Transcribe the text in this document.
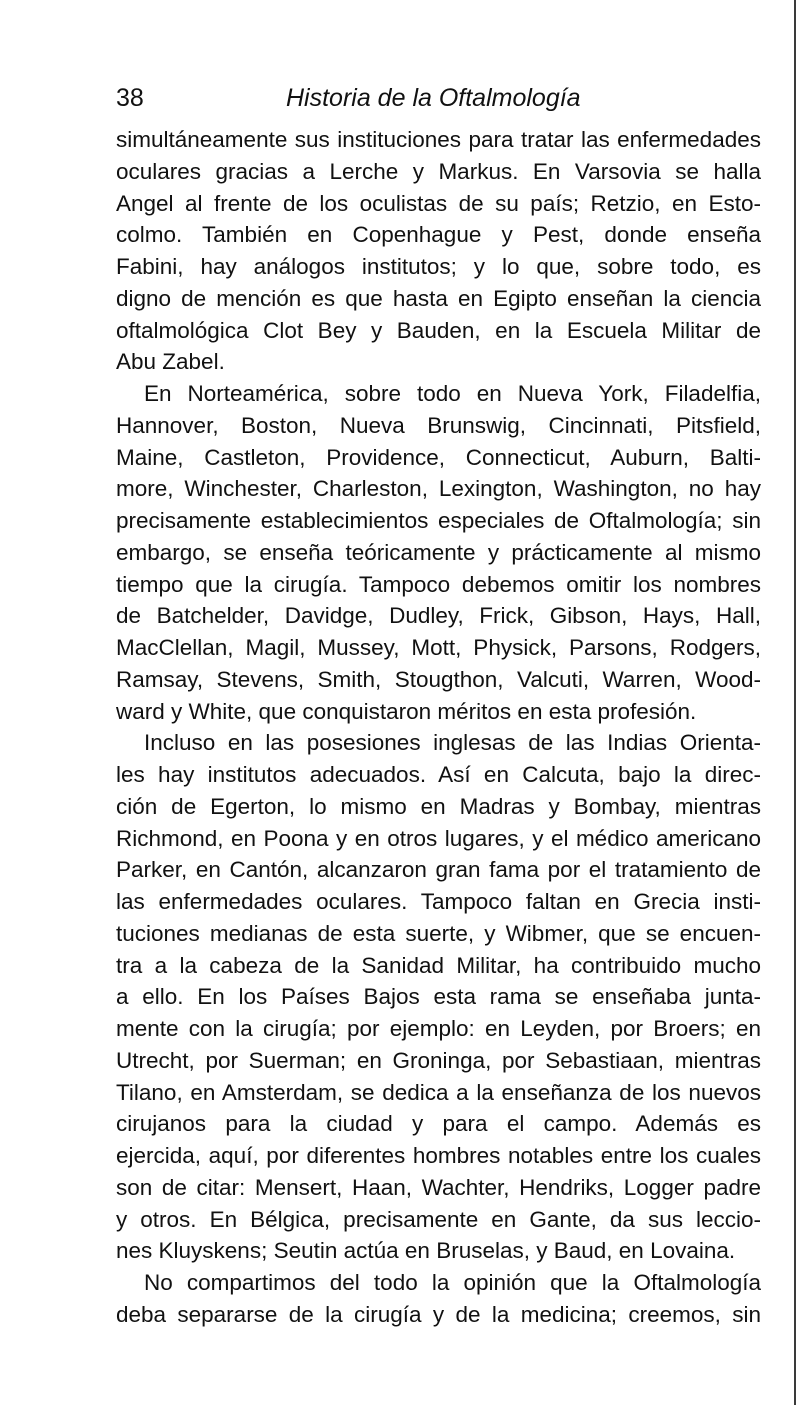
38	Historia de la Oftalmología
simultáneamente sus instituciones para tratar las enfermedades
oculares gracias a Lerche y Markus. En Varsovia se halla
Angel al frente de los oculistas de su país; Retzio, en Esto-
colmo. También en Copenhague y Pest, donde enseña
Fabini, hay análogos institutos; y lo que, sobre todo, es
digno de mención es que hasta en Egipto enseñan la ciencia
oftalmológica Clot Bey y Bauden, en la Escuela Militar de
Abu Zabel.
En Norteamérica, sobre todo en Nueva York, Filadelfia,
Hannover, Boston, Nueva Brunswig, Cincinnati, Pitsfield,
Maine, Castleton, Providence, Connecticut, Auburn, Balti-
more, Winchester, Charleston, Lexington, Washington, no hay
precisamente establecimientos especiales de Oftalmología; sin
embargo, se enseña teóricamente y prácticamente al mismo
tiempo que la cirugía. Tampoco debemos omitir los nombres
de Batchelder, Davidge, Dudley, Frick, Gibson, Hays, Hall,
MacClellan, Magil, Mussey, Mott, Physick, Parsons, Rodgers,
Ramsay, Stevens, Smith, Stougthon, Valcuti, Warren, Wood-
ward y White, que conquistaron méritos en esta profesión.
Incluso en las posesiones inglesas de las Indias Orienta-
les hay institutos adecuados. Así en Calcuta, bajo la direc-
ción de Egerton, lo mismo en Madras y Bombay, mientras
Richmond, en Poona y en otros lugares, y el médico americano
Parker, en Cantón, alcanzaron gran fama por el tratamiento de
las enfermedades oculares. Tampoco faltan en Grecia insti-
tuciones medianas de esta suerte, y Wibmer, que se encuen-
tra a la cabeza de la Sanidad Militar, ha contribuido mucho
a ello. En los Países Bajos esta rama se enseñaba junta-
mente con la cirugía; por ejemplo: en Leyden, por Broers; en
Utrecht, por Suerman; en Groninga, por Sebastiaan, mientras
Tilano, en Amsterdam, se dedica a la enseñanza de los nuevos
cirujanos para la ciudad y para el campo. Además es
ejercida, aquí, por diferentes hombres notables entre los cuales
son de citar: Mensert, Haan, Wachter, Hendriks, Logger padre
y otros. En Bélgica, precisamente en Gante, da sus leccio-
nes Kluyskens; Seutin actúa en Bruselas, y Baud, en Lovaina.
No compartimos del todo la opinión que la Oftalmología
deba separarse de la cirugía y de la medicina; creemos, sin
